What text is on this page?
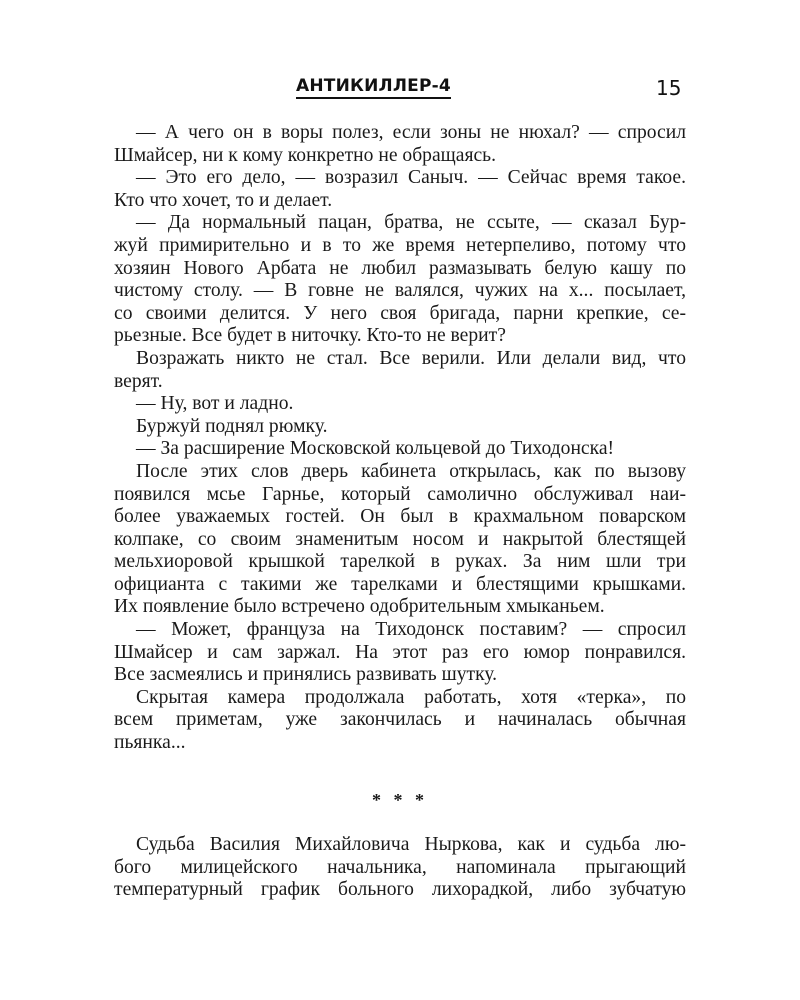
АНТИКИЛЛЕР-4	15
— А чего он в воры полез, если зоны не нюхал? — спросил
Шмайсер, ни к кому конкретно не обращаясь.
— Это его дело, — возразил Саныч. — Сейчас время такое.
Кто что хочет, то и делает.
— Да нормальный пацан, братва, не ссыте, — сказал Бур-
жуй примирительно и в то же время нетерпеливо, потому что
хозяин Нового Арбата не любил размазывать белую кашу по
чистому столу. — В говне не валялся, чужих на х... посылает,
со своими делится. У него своя бригада, парни крепкие, се-
рьезные. Все будет в ниточку. Кто-то не верит?
Возражать никто не стал. Все верили. Или делали вид, что
верят.
— Ну, вот и ладно.
Буржуй поднял рюмку.
— За расширение Московской кольцевой до Тиходонска!
После этих слов дверь кабинета открылась, как по вызову
появился мсье Гарнье, который самолично обслуживал наи-
более уважаемых гостей. Он был в крахмальном поварском
колпаке, со своим знаменитым носом и накрытой блестящей
мельхиоровой крышкой тарелкой в руках. За ним шли три
официанта с такими же тарелками и блестящими крышками.
Их появление было встречено одобрительным хмыканьем.
— Может, француза на Тиходонск поставим? — спросил
Шмайсер и сам заржал. На этот раз его юмор понравился.
Все засмеялись и принялись развивать шутку.
Скрытая камера продолжала работать, хотя «терка», по
всем приметам, уже закончилась и начиналась обычная
пьянка...
* * *
Судьба Василия Михайловича Ныркова, как и судьба лю-
бого милицейского начальника, напоминала прыгающий
температурный график больного лихорадкой, либо зубчатую
